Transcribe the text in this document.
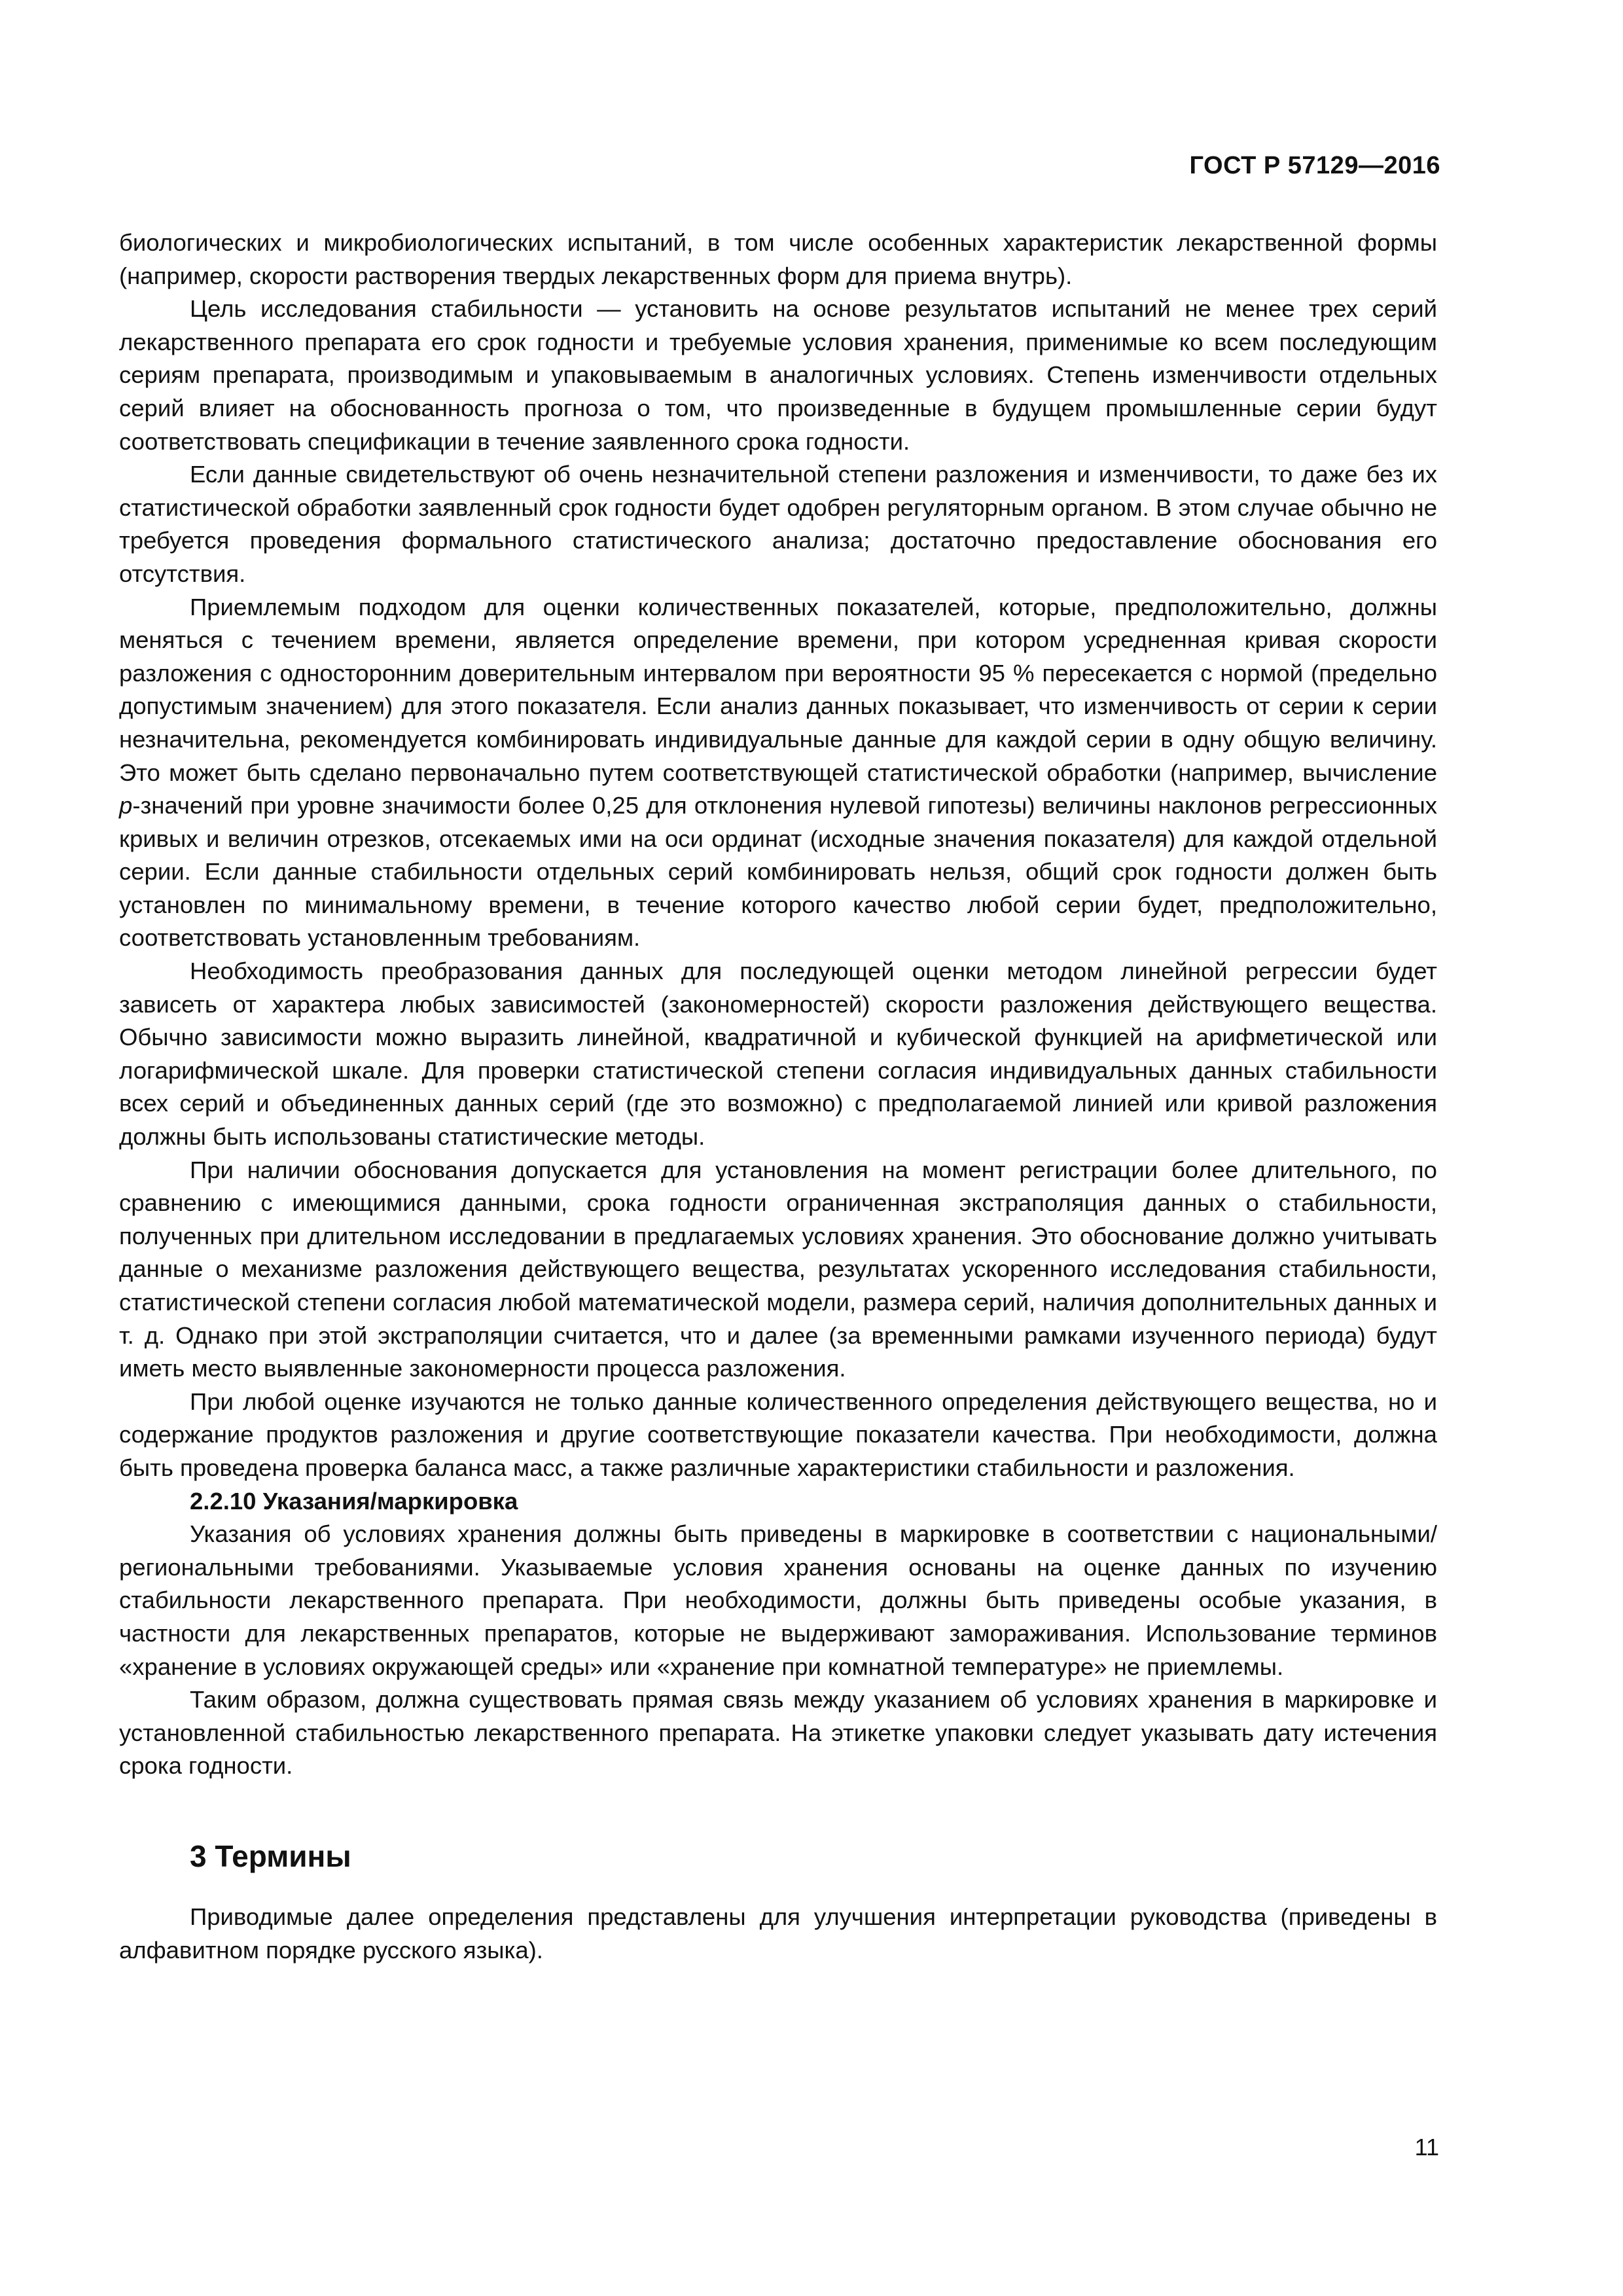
ГОСТ Р 57129—2016

биологических и микробиологических испытаний, в том числе особенных характеристик лекарственной формы (например, скорости растворения твердых лекарственных форм для приема внутрь).

Цель исследования стабильности — установить на основе результатов испытаний не менее трех серий лекарственного препарата его срок годности и требуемые условия хранения, применимые ко всем последующим сериям препарата, производимым и упаковываемым в аналогичных условиях. Степень изменчивости отдельных серий влияет на обоснованность прогноза о том, что произведенные в будущем промышленные серии будут соответствовать спецификации в течение заявленного срока годности.

Если данные свидетельствуют об очень незначительной степени разложения и изменчивости, то даже без их статистической обработки заявленный срок годности будет одобрен регуляторным органом. В этом случае обычно не требуется проведения формального статистического анализа; достаточно предоставление обоснования его отсутствия.

Приемлемым подходом для оценки количественных показателей, которые, предположительно, должны меняться с течением времени, является определение времени, при котором усредненная кривая скорости разложения с односторонним доверительным интервалом при вероятности 95 % пересекается с нормой (предельно допустимым значением) для этого показателя. Если анализ данных показывает, что изменчивость от серии к серии незначительна, рекомендуется комбинировать индивидуальные данные для каждой серии в одну общую величину. Это может быть сделано первоначально путем соответствующей статистической обработки (например, вычисление p-значений при уровне значимости более 0,25 для отклонения нулевой гипотезы) величины наклонов регрессионных кривых и величин отрезков, отсекаемых ими на оси ординат (исходные значения показателя) для каждой отдельной серии. Если данные стабильности отдельных серий комбинировать нельзя, общий срок годности должен быть установлен по минимальному времени, в течение которого качество любой серии будет, предположительно, соответствовать установленным требованиям.

Необходимость преобразования данных для последующей оценки методом линейной регрессии будет зависеть от характера любых зависимостей (закономерностей) скорости разложения действующего вещества. Обычно зависимости можно выразить линейной, квадратичной и кубической функцией на арифметической или логарифмической шкале. Для проверки статистической степени согласия индивидуальных данных стабильности всех серий и объединенных данных серий (где это возможно) с предполагаемой линией или кривой разложения должны быть использованы статистические методы.

При наличии обоснования допускается для установления на момент регистрации более длительного, по сравнению с имеющимися данными, срока годности ограниченная экстраполяция данных о стабильности, полученных при длительном исследовании в предлагаемых условиях хранения. Это обоснование должно учитывать данные о механизме разложения действующего вещества, результатах ускоренного исследования стабильности, статистической степени согласия любой математической модели, размера серий, наличия дополнительных данных и т. д. Однако при этой экстраполяции считается, что и далее (за временными рамками изученного периода) будут иметь место выявленные закономерности процесса разложения.

При любой оценке изучаются не только данные количественного определения действующего вещества, но и содержание продуктов разложения и другие соответствующие показатели качества. При необходимости, должна быть проведена проверка баланса масс, а также различные характеристики стабильности и разложения.

2.2.10 Указания/маркировка

Указания об условиях хранения должны быть приведены в маркировке в соответствии с национальными/региональными требованиями. Указываемые условия хранения основаны на оценке данных по изучению стабильности лекарственного препарата. При необходимости, должны быть приведены особые указания, в частности для лекарственных препаратов, которые не выдерживают замораживания. Использование терминов «хранение в условиях окружающей среды» или «хранение при комнатной температуре» не приемлемы.

Таким образом, должна существовать прямая связь между указанием об условиях хранения в маркировке и установленной стабильностью лекарственного препарата. На этикетке упаковки следует указывать дату истечения срока годности.

3 Термины

Приводимые далее определения представлены для улучшения интерпретации руководства (приведены в алфавитном порядке русского языка).

11
